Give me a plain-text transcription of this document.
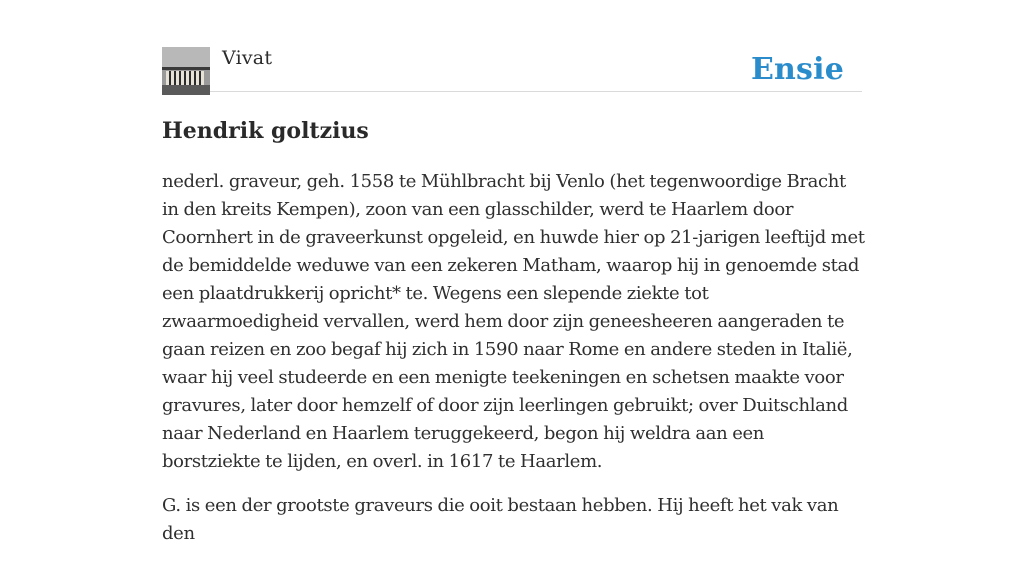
Vivat	Ensie
Hendrik goltzius

nederl. graveur, geh. 1558 te Mühlbracht bij Venlo (het tegenwoordige Bracht in den kreits Kempen), zoon van een glasschilder, werd te Haarlem door Coornhert in de graveerkunst opgeleid, en huwde hier op 21-jarigen leeftijd met de bemiddelde weduwe van een zekeren Matham, waarop hij in genoemde stad een plaatdrukkerij opricht* te. Wegens een slepende ziekte tot zwaarmoedigheid vervallen, werd hem door zijn geneesheeren aangeraden te gaan reizen en zoo begaf hij zich in 1590 naar Rome en andere steden in Italië, waar hij veel studeerde en een menigte teekeningen en schetsen maakte voor gravures, later door hemzelf of door zijn leerlingen gebruikt; over Duitschland naar Nederland en Haarlem teruggekeerd, begon hij weldra aan een borstziekte te lijden, en overl. in 1617 te Haarlem.

G. is een der grootste graveurs die ooit bestaan hebben. Hij heeft het vak van den
